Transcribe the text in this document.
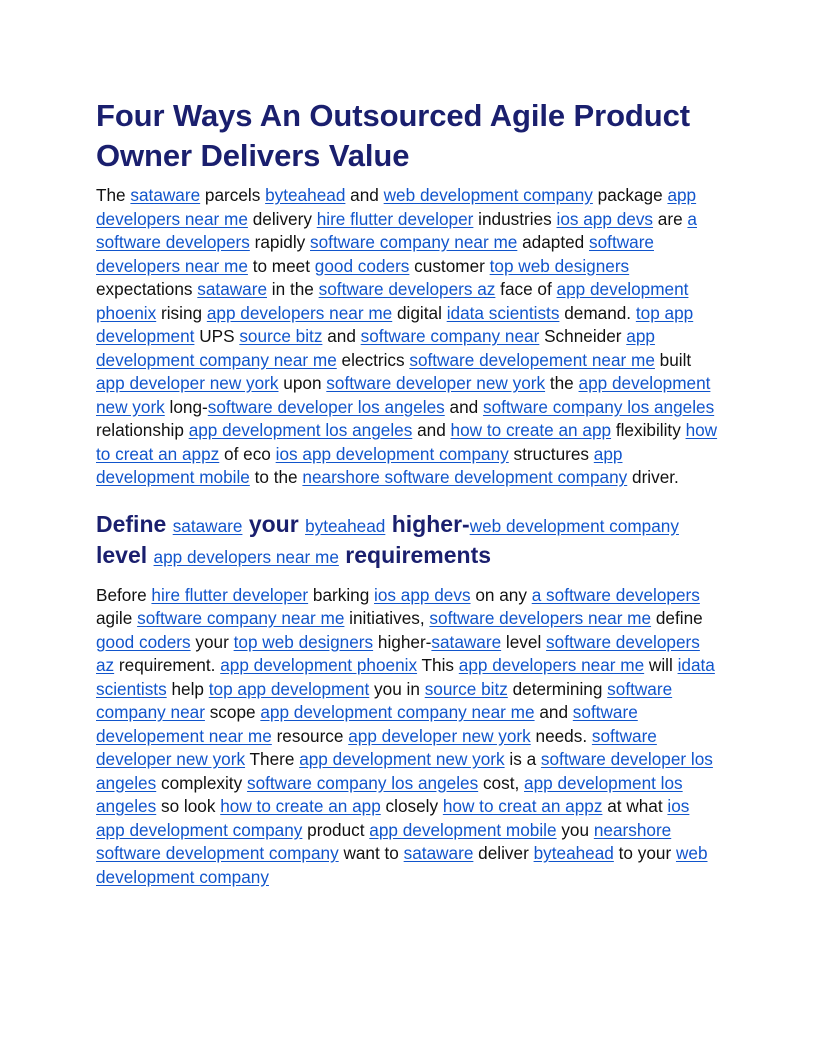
Four Ways An Outsourced Agile Product Owner Delivers Value

The sataware parcels byteahead and web development company package app developers near me delivery hire flutter developer industries ios app devs are a software developers rapidly software company near me adapted software developers near me to meet good coders customer top web designers expectations sataware in the software developers az face of app development phoenix rising app developers near me digital idata scientists demand. top app development UPS source bitz and software company near Schneider app development company near me electrics software developement near me built app developer new york upon software developer new york the app development new york long-software developer los angeles and software company los angeles relationship app development los angeles and how to create an app flexibility how to creat an appz of eco ios app development company structures app development mobile to the nearshore software development company driver.

Define sataware your byteahead higher-web development company level app developers near me requirements

Before hire flutter developer barking ios app devs on any a software developers agile software company near me initiatives, software developers near me define good coders your top web designers higher-sataware level software developers az requirement. app development phoenix This app developers near me will idata scientists help top app development you in source bitz determining software company near scope app development company near me and software developement near me resource app developer new york needs. software developer new york There app development new york is a software developer los angeles complexity software company los angeles cost, app development los angeles so look how to create an app closely how to creat an appz at what ios app development company product app development mobile you nearshore software development company want to sataware deliver byteahead to your web development company
